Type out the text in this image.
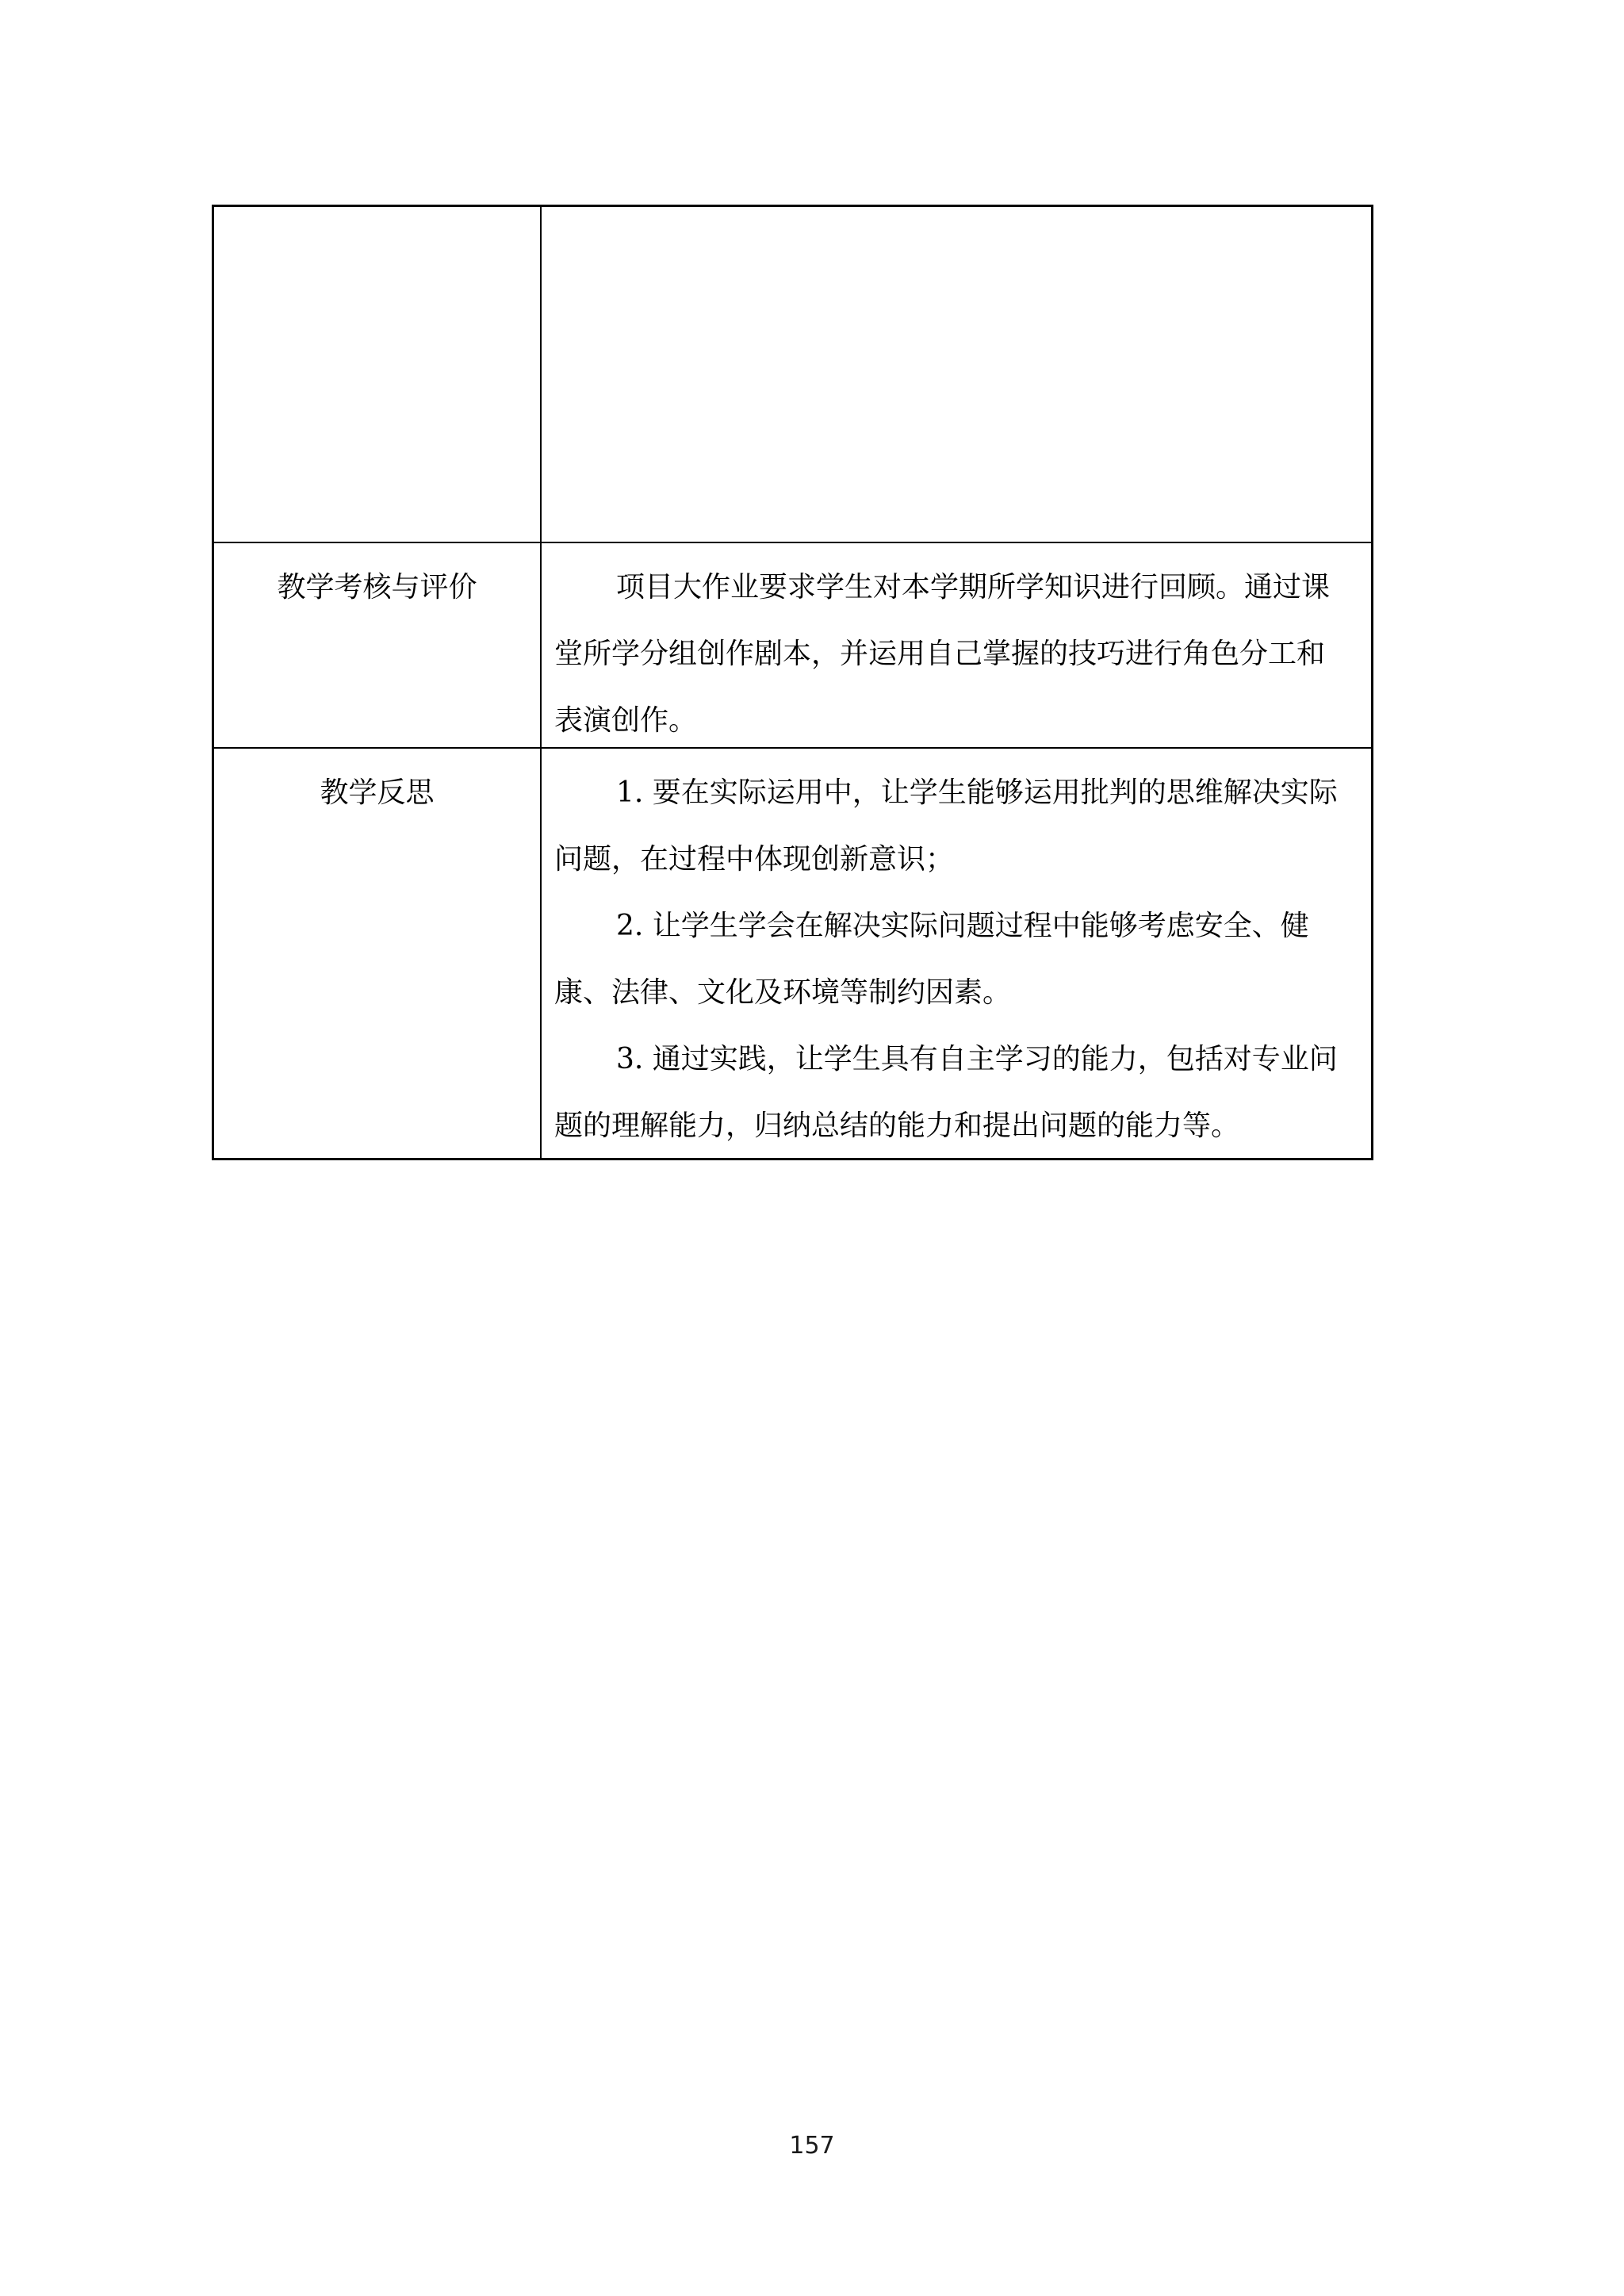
教学考核与评价	项目大作业要求学生对本学期所学知识进行回顾。通过课
堂所学分组创作剧本，并运用自己掌握的技巧进行角色分工和
表演创作。
教学反思	1. 要在实际运用中，让学生能够运用批判的思维解决实际
问题，在过程中体现创新意识；
2. 让学生学会在解决实际问题过程中能够考虑安全、健
康、法律、文化及环境等制约因素。
3. 通过实践，让学生具有自主学习的能力，包括对专业问
题的理解能力，归纳总结的能力和提出问题的能力等。
157
